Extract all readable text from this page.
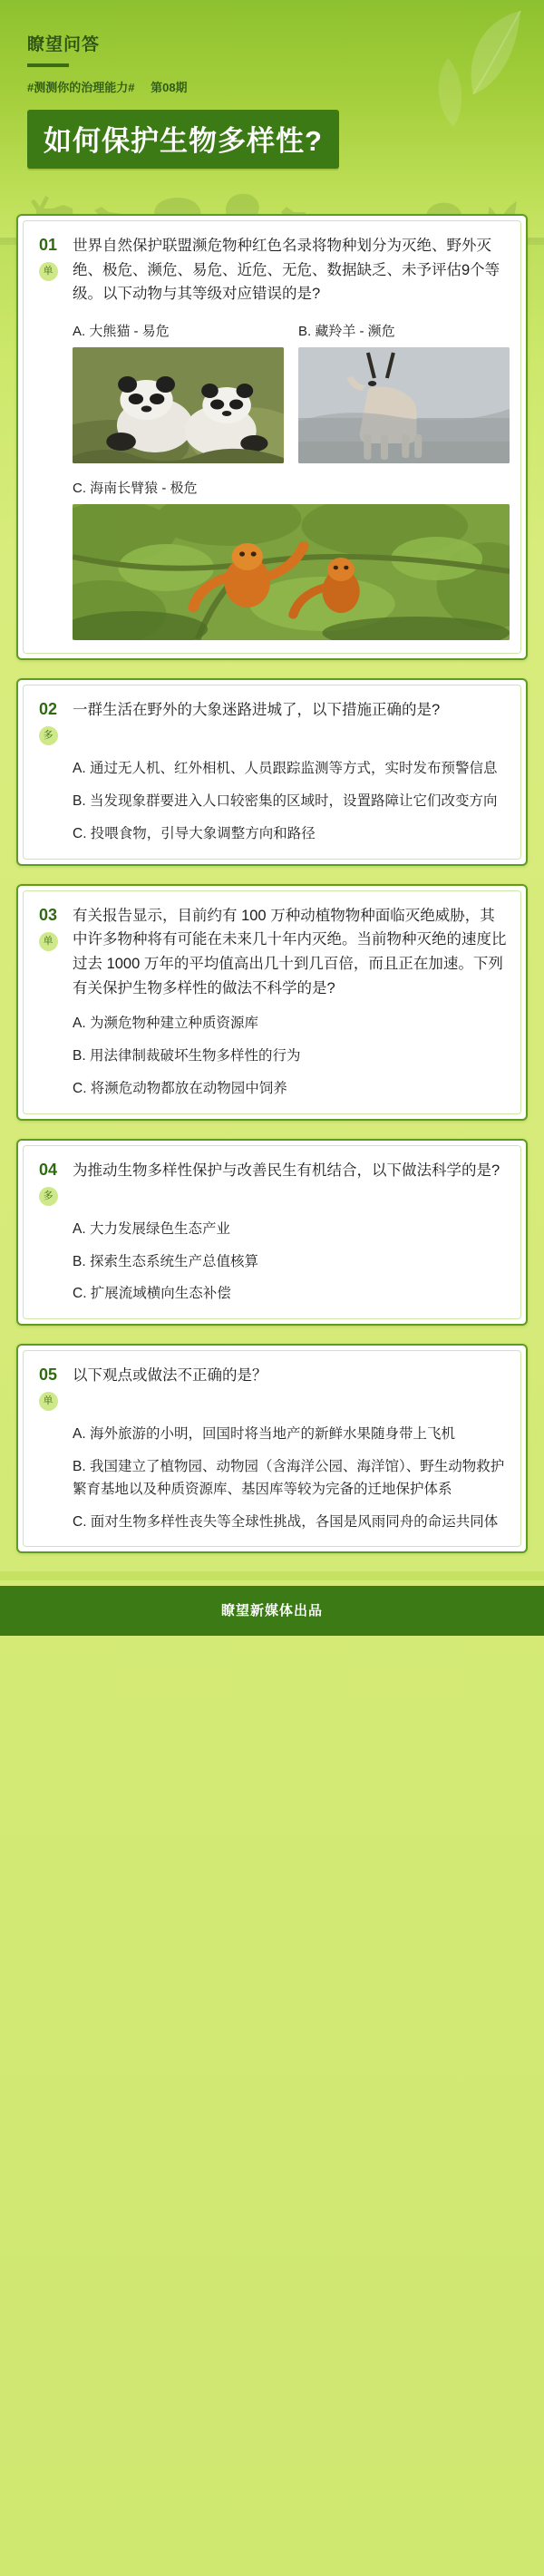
瞭望问答
#测测你的治理能力# 第08期
如何保护生物多样性?
01
单
世界自然保护联盟濒危物种红色名录将物种划分为灭绝、野外灭绝、极危、濒危、易危、近危、无危、数据缺乏、未予评估9个等级。以下动物与其等级对应错误的是?
A. 大熊猫 - 易危	B. 藏羚羊 - 濒危
C. 海南长臂猿 - 极危
02
多
一群生活在野外的大象迷路进城了，以下措施正确的是?
A. 通过无人机、红外相机、人员跟踪监测等方式，实时发布预警信息
B. 当发现象群要进入人口较密集的区域时，设置路障让它们改变方向
C. 投喂食物，引导大象调整方向和路径
03
单
有关报告显示，目前约有 100 万种动植物物种面临灭绝威胁，其中许多物种将有可能在未来几十年内灭绝。当前物种灭绝的速度比过去 1000 万年的平均值高出几十到几百倍，而且正在加速。下列有关保护生物多样性的做法不科学的是?
A. 为濒危物种建立种质资源库
B. 用法律制裁破坏生物多样性的行为
C. 将濒危动物都放在动物园中饲养
04
多
为推动生物多样性保护与改善民生有机结合，以下做法科学的是?
A. 大力发展绿色生态产业
B. 探索生态系统生产总值核算
C. 扩展流域横向生态补偿
05
单
以下观点或做法不正确的是？
A. 海外旅游的小明，回国时将当地产的新鲜水果随身带上飞机
B. 我国建立了植物园、动物园（含海洋公园、海洋馆）、野生动物救护繁育基地以及种质资源库、基因库等较为完备的迁地保护体系
C. 面对生物多样性丧失等全球性挑战，各国是风雨同舟的命运共同体
瞭望新媒体出品
